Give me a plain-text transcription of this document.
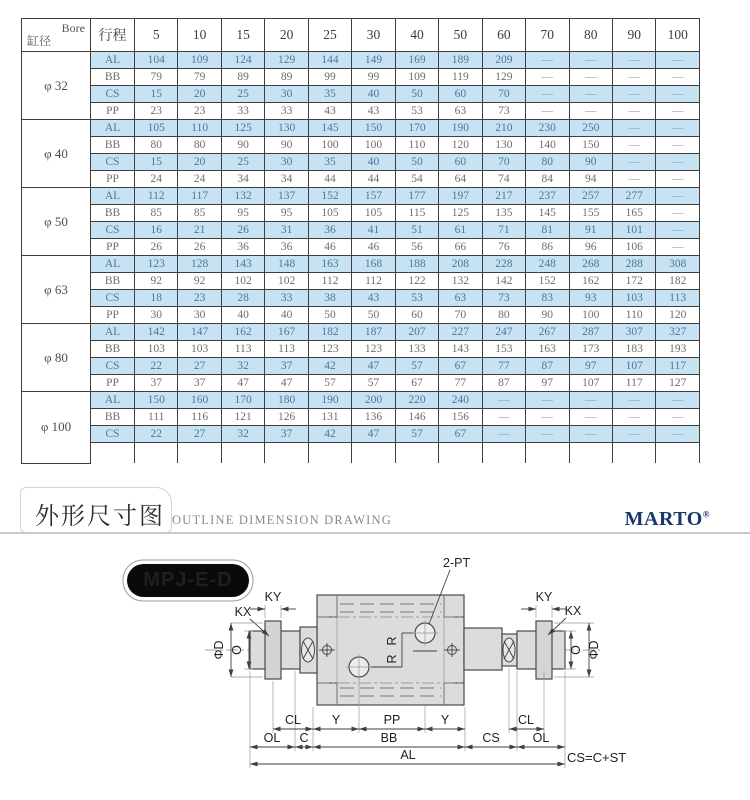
Bore
缸径	行程	5	10	15	20	25	30	40	50	60	70	80	90	100
φ 32	AL	104	109	124	129	144	149	169	189	209	—	—	—	—
	BB	79	79	89	89	99	99	109	119	129	—	—	—	—
	CS	15	20	25	30	35	40	50	60	70	—	—	—	—
	PP	23	23	33	33	43	43	53	63	73	—	—	—	—
φ 40	AL	105	110	125	130	145	150	170	190	210	230	250	—	—
	BB	80	80	90	90	100	100	110	120	130	140	150	—	—
	CS	15	20	25	30	35	40	50	60	70	80	90	—	—
	PP	24	24	34	34	44	44	54	64	74	84	94	—	—
φ 50	AL	112	117	132	137	152	157	177	197	217	237	257	277	—
	BB	85	85	95	95	105	105	115	125	135	145	155	165	—
	CS	16	21	26	31	36	41	51	61	71	81	91	101	—
	PP	26	26	36	36	46	46	56	66	76	86	96	106	—
φ 63	AL	123	128	143	148	163	168	188	208	228	248	268	288	308
	BB	92	92	102	102	112	112	122	132	142	152	162	172	182
	CS	18	23	28	33	38	43	53	63	73	83	93	103	113
	PP	30	30	40	40	50	50	60	70	80	90	100	110	120
φ 80	AL	142	147	162	167	182	187	207	227	247	267	287	307	327
	BB	103	103	113	113	123	123	133	143	153	163	173	183	193
	CS	22	27	32	37	42	47	57	67	77	87	97	107	117
	PP	37	37	47	47	57	57	67	77	87	97	107	117	127
φ 100	AL	150	160	170	180	190	200	220	240	—	—	—	—	—
	BB	111	116	121	126	131	136	146	156	—	—	—	—	—
	CS	22	27	32	37	42	47	57	67	—	—	—	—	—

外形尺寸图 OUTLINE DIMENSION DRAWING	MARTO®
MPJ-E-D
R
R
2-PT
KY
KX
KY
KX
ΦD O	O ΦD
CL Y	PP	Y	CL
OL C	BB	CS	OL
AL	CS=C+ST
